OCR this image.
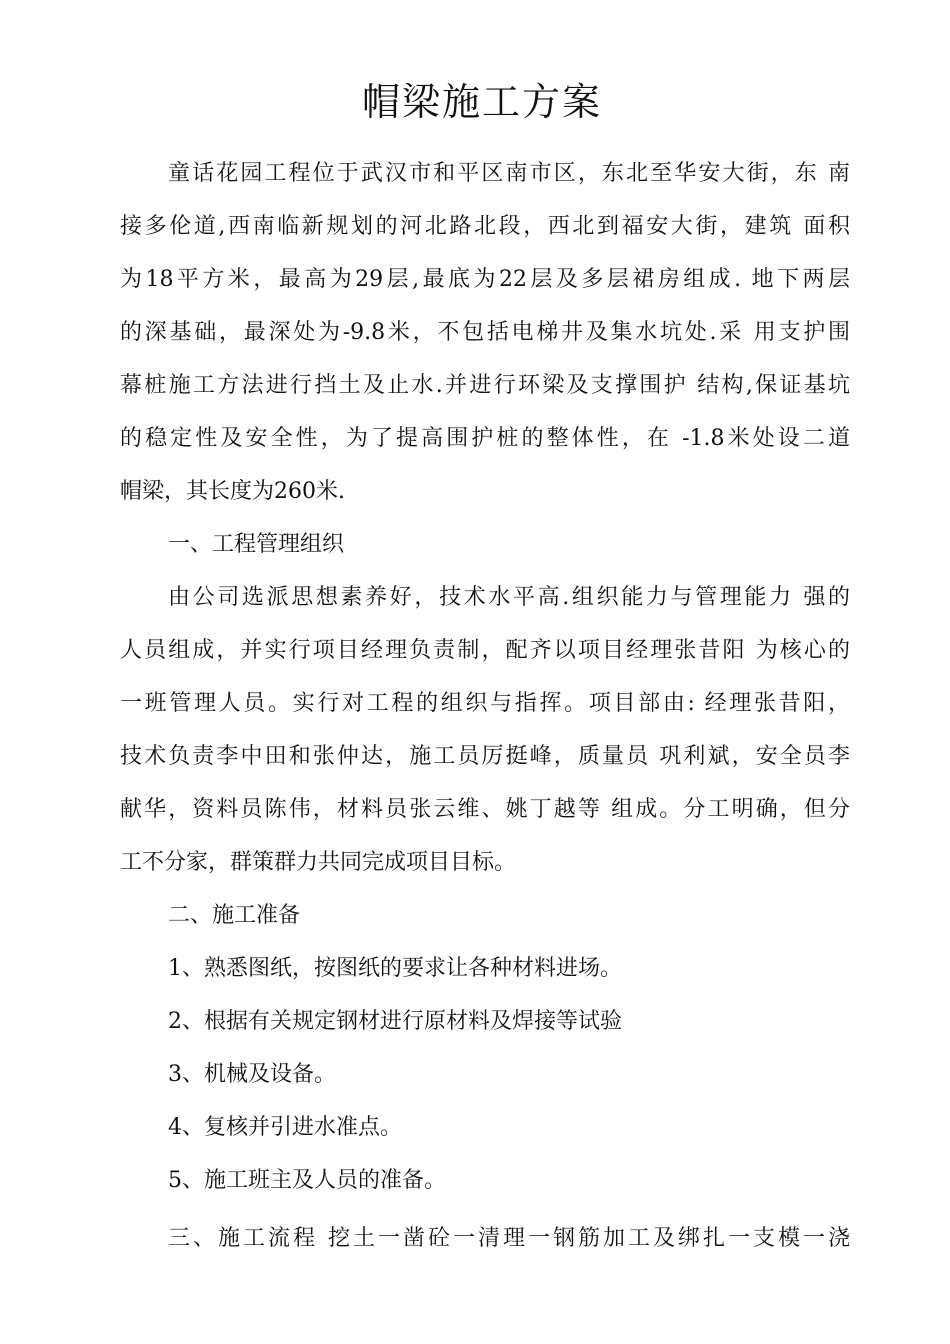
帽梁施工方案
童话花园工程位于武汉市和平区南市区，东北至华安大街，东 南
接多伦道,西南临新规划的河北路北段，西北到福安大街，建筑 面积
为18平方米，最高为29层,最底为22层及多层裙房组成. 地下两层
的深基础，最深处为-9.8米，不包括电梯井及集水坑处.采 用支护围
幕桩施工方法进行挡土及止水.并进行环梁及支撑围护 结构,保证基坑
的稳定性及安全性，为了提高围护桩的整体性，在 -1.8米处设二道
帽梁，其长度为260米.
一、工程管理组织
由公司选派思想素养好，技术水平高.组织能力与管理能力 强的
人员组成，并实行项目经理负责制，配齐以项目经理张昔阳 为核心的
一班管理人员。实行对工程的组织与指挥。项目部由: 经理张昔阳，
技术负责李中田和张仲达，施工员厉挺峰，质量员 巩利斌，安全员李
献华，资料员陈伟，材料员张云维、姚丁越等 组成。分工明确，但分
工不分家，群策群力共同完成项目目标。
二、施工准备
1、熟悉图纸，按图纸的要求让各种材料进场。
2、根据有关规定钢材进行原材料及焊接等试验
3、机械及设备。
4、复核并引进水准点。
5、施工班主及人员的准备。
三、施工流程 挖土一凿砼一清理一钢筋加工及绑扎一支模一浇
